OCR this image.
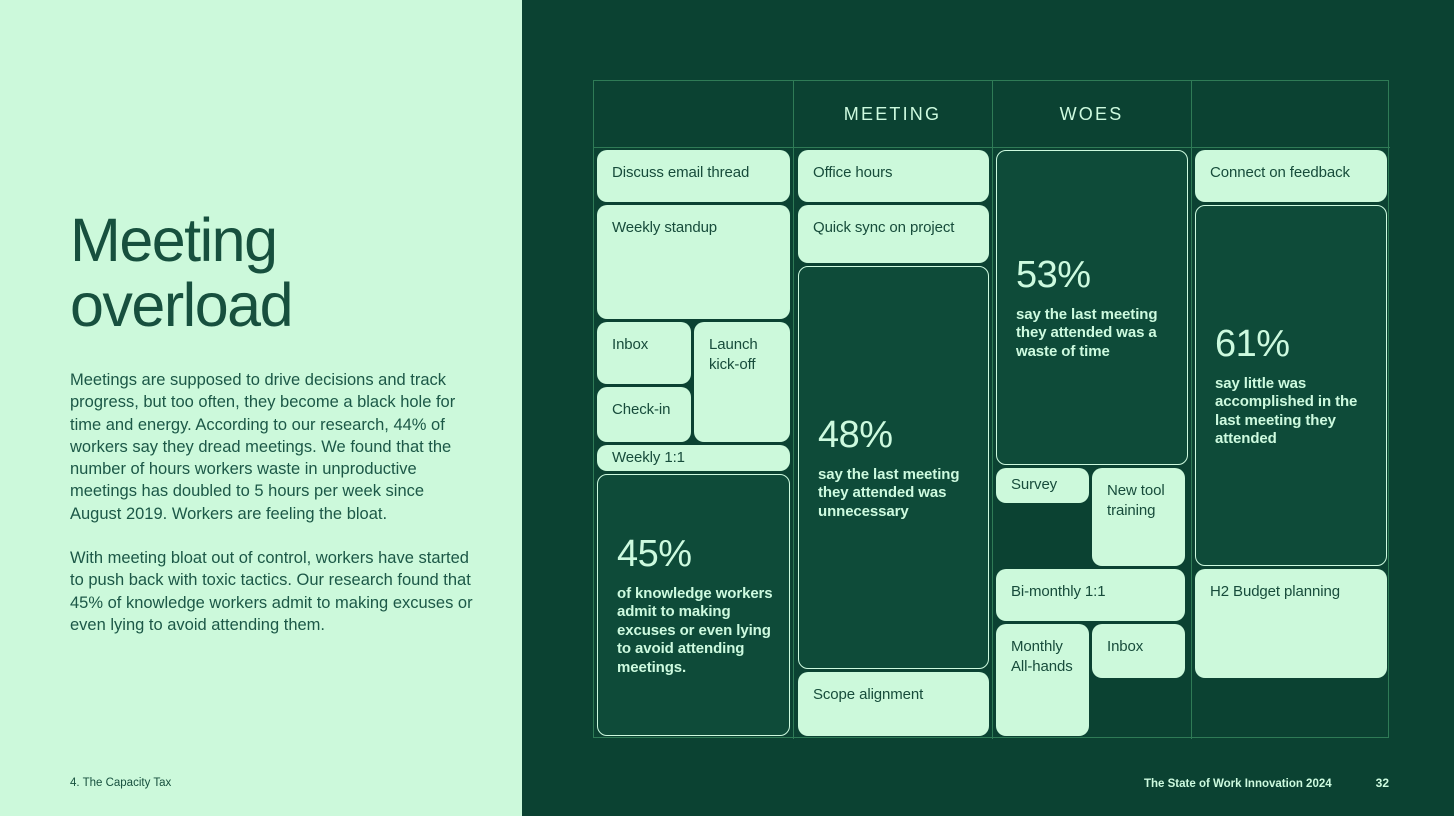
Meeting overload

Meetings are supposed to drive decisions and track progress, but too often, they become a black hole for time and energy. According to our research, 44% of workers say they dread meetings. We found that the number of hours workers waste in unproductive meetings has doubled to 5 hours per week since August 2019. Workers are feeling the bloat.

With meeting bloat out of control, workers have started to push back with toxic tactics. Our research found that 45% of knowledge workers admit to making excuses or even lying to avoid attending them.

4. The Capacity Tax
MEETING	WOES
Discuss email thread
Weekly standup
Inbox	Launch kick-off
Check-in
Weekly 1:1
45%
of knowledge workers admit to making excuses or even lying to avoid attending meetings.
Office hours
Quick sync on project
48%
say the last meeting they attended was unnecessary
Scope alignment
53%
say the last meeting they attended was a waste of time
Survey	New tool training
Bi-monthly 1:1
Monthly All-hands
Inbox
Connect on feedback
61%
say little was accomplished in the last meeting they attended
H2 Budget planning
The State of Work Innovation 2024	32
